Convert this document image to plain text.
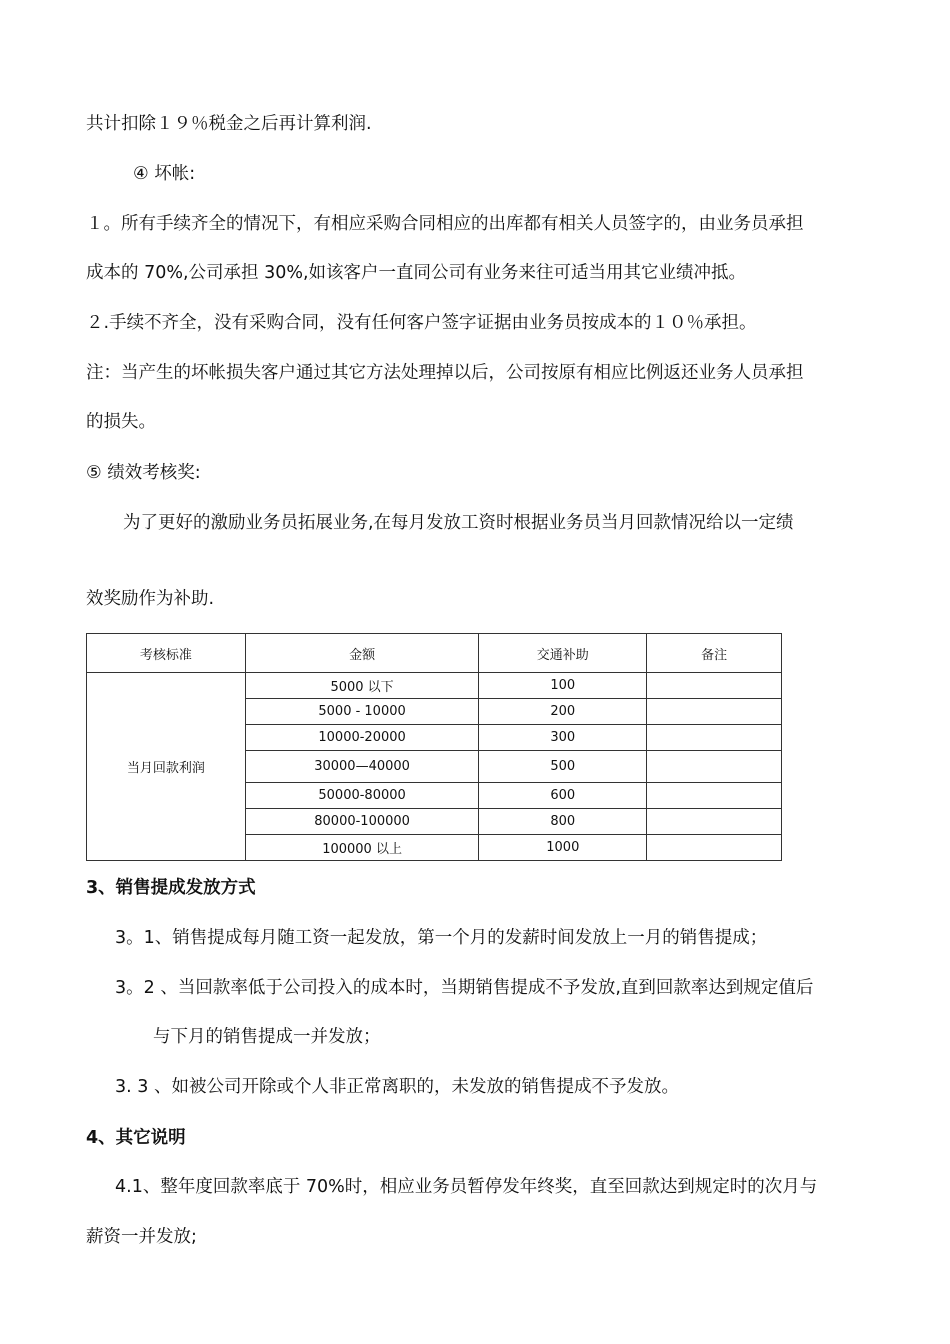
共计扣除１９％税金之后再计算利润.
④ 坏帐:
１。所有手续齐全的情况下，有相应采购合同相应的出库都有相关人员签字的，由业务员承担
成本的 70%,公司承担 30%,如该客户一直同公司有业务来往可适当用其它业绩冲抵。
２.手续不齐全，没有采购合同，没有任何客户签字证据由业务员按成本的１０％承担。
注：当产生的坏帐损失客户通过其它方法处理掉以后，公司按原有相应比例返还业务人员承担
的损失。
⑤ 绩效考核奖:
为了更好的激励业务员拓展业务,在每月发放工资时根据业务员当月回款情况给以一定绩
效奖励作为补助.
考核标准	金额	交通补助	备注
当月回款利润	5000 以下	100	
	5000 - 10000	200	
	10000-20000	300	
	30000—40000	500	
	50000-80000	600	
	80000-100000	800	
	100000 以上	1000	
3、销售提成发放方式
3。1、销售提成每月随工资一起发放，第一个月的发薪时间发放上一月的销售提成；
3。2 、当回款率低于公司投入的成本时，当期销售提成不予发放,直到回款率达到规定值后
与下月的销售提成一并发放；
3. 3 、如被公司开除或个人非正常离职的，未发放的销售提成不予发放。
4、其它说明
4.1、整年度回款率底于 70%时，相应业务员暂停发年终奖，直至回款达到规定时的次月与
薪资一并发放;
